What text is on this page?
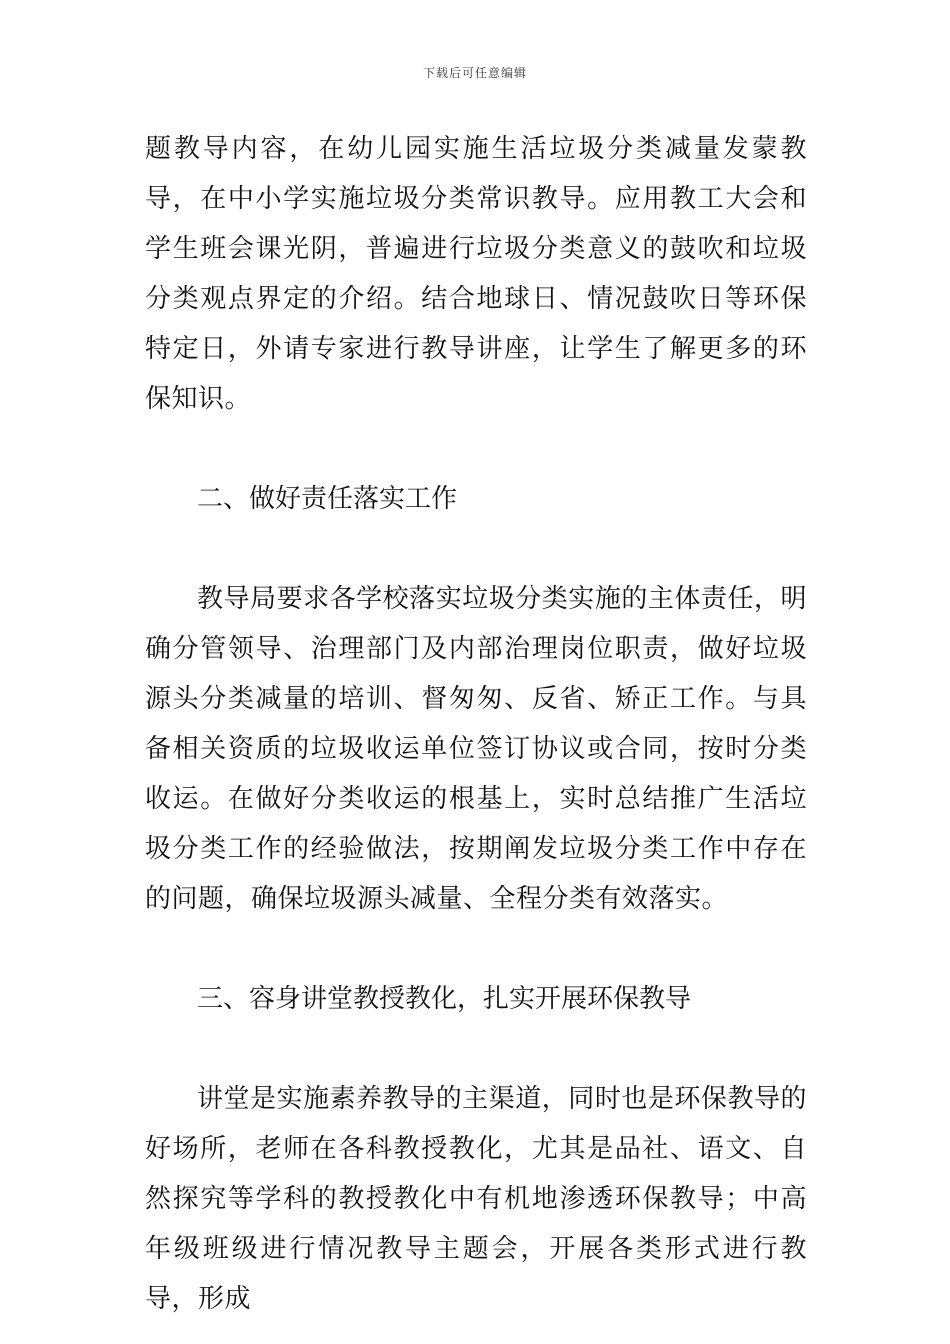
下载后可任意编辑

题教导内容，在幼儿园实施生活垃圾分类减量发蒙教导，在中小学实施垃圾分类常识教导。应用教工大会和学生班会课光阴，普遍进行垃圾分类意义的鼓吹和垃圾分类观点界定的介绍。结合地球日、情况鼓吹日等环保特定日，外请专家进行教导讲座，让学生了解更多的环保知识。

二、做好责任落实工作

教导局要求各学校落实垃圾分类实施的主体责任，明确分管领导、治理部门及内部治理岗位职责，做好垃圾源头分类减量的培训、督匆匆、反省、矫正工作。与具备相关资质的垃圾收运单位签订协议或合同，按时分类收运。在做好分类收运的根基上，实时总结推广生活垃圾分类工作的经验做法，按期阐发垃圾分类工作中存在的问题，确保垃圾源头减量、全程分类有效落实。

三、容身讲堂教授教化，扎实开展环保教导

讲堂是实施素养教导的主渠道，同时也是环保教导的好场所，老师在各科教授教化，尤其是品社、语文、自然探究等学科的教授教化中有机地渗透环保教导；中高年级班级进行情况教导主题会，开展各类形式进行教导，形成
